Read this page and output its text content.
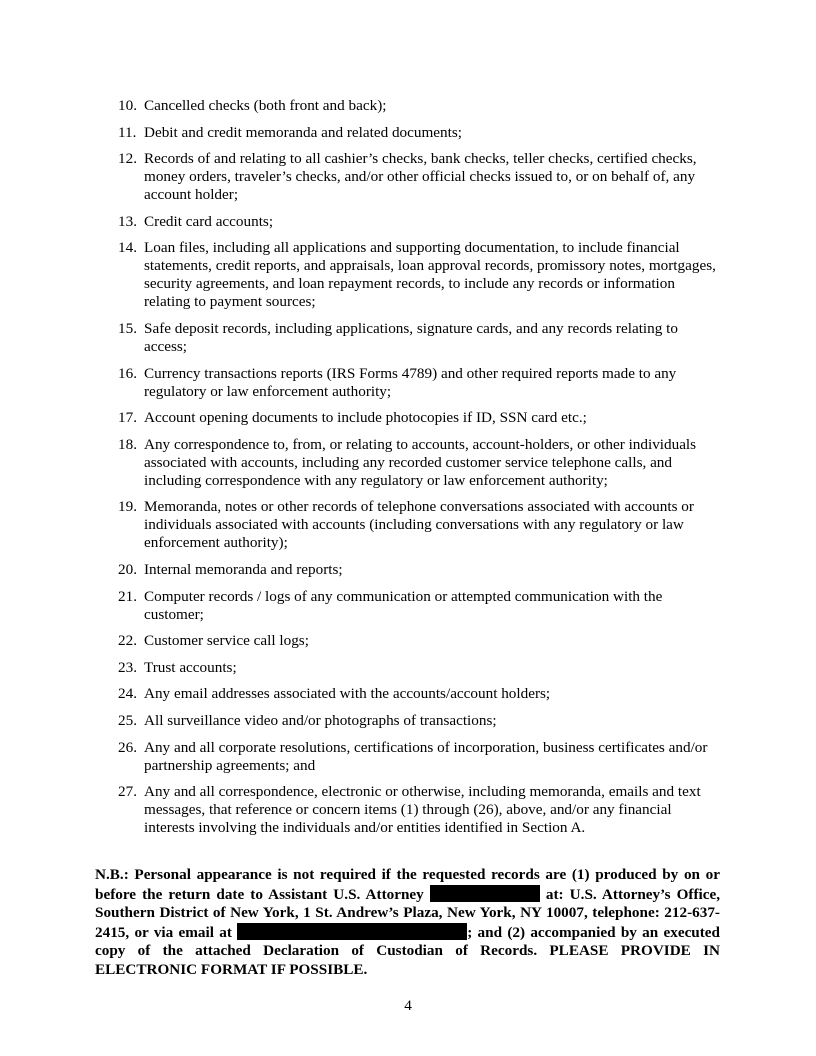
10. Cancelled checks (both front and back);
11. Debit and credit memoranda and related documents;
12. Records of and relating to all cashier’s checks, bank checks, teller checks, certified checks, money orders, traveler’s checks, and/or other official checks issued to, or on behalf of, any account holder;
13. Credit card accounts;
14. Loan files, including all applications and supporting documentation, to include financial statements, credit reports, and appraisals, loan approval records, promissory notes, mortgages, security agreements, and loan repayment records, to include any records or information relating to payment sources;
15. Safe deposit records, including applications, signature cards, and any records relating to access;
16. Currency transactions reports (IRS Forms 4789) and other required reports made to any regulatory or law enforcement authority;
17. Account opening documents to include photocopies if ID, SSN card etc.;
18. Any correspondence to, from, or relating to accounts, account-holders, or other individuals associated with accounts, including any recorded customer service telephone calls, and including correspondence with any regulatory or law enforcement authority;
19. Memoranda, notes or other records of telephone conversations associated with accounts or individuals associated with accounts (including conversations with any regulatory or law enforcement authority);
20. Internal memoranda and reports;
21. Computer records / logs of any communication or attempted communication with the customer;
22. Customer service call logs;
23. Trust accounts;
24. Any email addresses associated with the accounts/account holders;
25. All surveillance video and/or photographs of transactions;
26. Any and all corporate resolutions, certifications of incorporation, business certificates and/or partnership agreements; and
27. Any and all correspondence, electronic or otherwise, including memoranda, emails and text messages, that reference or concern items (1) through (26), above, and/or any financial interests involving the individuals and/or entities identified in Section A.

N.B.: Personal appearance is not required if the requested records are (1) produced by on or before the return date to Assistant U.S. Attorney	at: U.S. Attorney’s Office, Southern District of New York, 1 St. Andrew’s Plaza, New York, NY 10007, telephone: 212-637-2415, or via email at	; and (2) accompanied by an executed copy of the attached Declaration of Custodian of Records. PLEASE PROVIDE IN ELECTRONIC FORMAT IF POSSIBLE.

4
